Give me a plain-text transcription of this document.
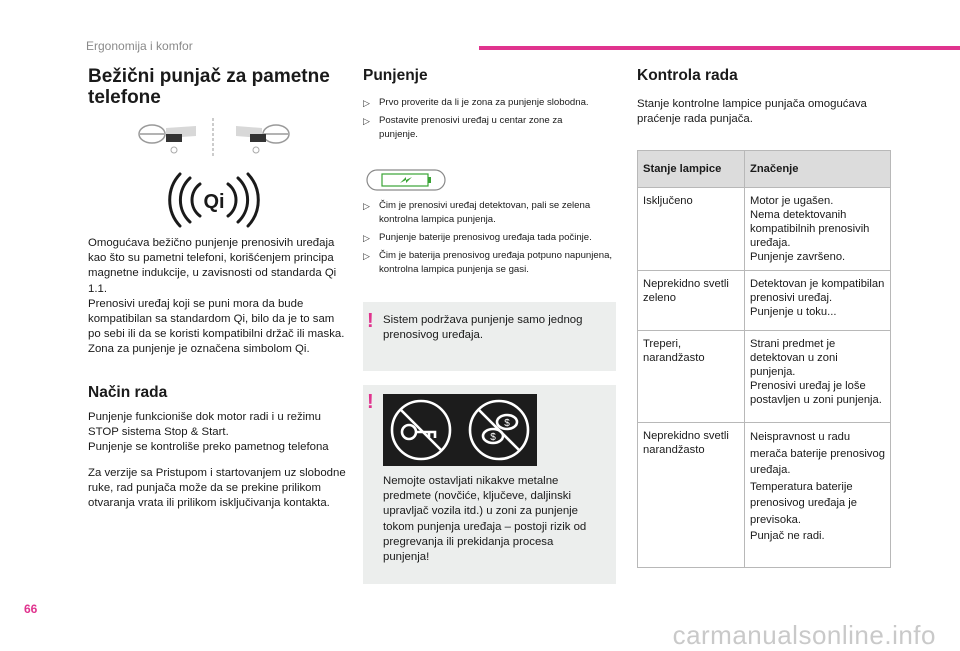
Ergonomija i komfor
Bežični punjač za pametne telefone
Qi

Omogućava bežično punjenje prenosivih uređaja kao što su pametni telefoni, korišćenjem principa magnetne indukcije, u zavisnosti od standarda Qi 1.1.

Prenosivi uređaj koji se puni mora da bude kompatibilan sa standardom Qi, bilo da je to sam po sebi ili da se koristi kompatibilni držač ili maska.

Zona za punjenje je označena simbolom Qi.

Način rada

Punjenje funkcioniše dok motor radi i u režimu STOP sistema Stop & Start.

Punjenje se kontroliše preko pametnog telefona

Za verzije sa Pristupom i startovanjem uz slobodne ruke, rad punjača može da se prekine prilikom otvaranja vrata ili prilikom isključivanja kontakta.

Punjenje
▷ Prvo proverite da li je zona za punjenje slobodna.
▷ Postavite prenosivi uređaj u centar zone za punjenje.
▷ Čim je prenosivi uređaj detektovan, pali se zelena kontrolna lampica punjenja.
▷ Punjenje baterije prenosivog uređaja tada počinje.
▷ Čim je baterija prenosivog uređaja potpuno napunjena, kontrolna lampica punjenja se gasi.
! Sistem podržava punjenje samo jednog prenosivog uređaja.
!
$
$
Nemojte ostavljati nikakve metalne predmete (novčiće, ključeve, daljinski upravljač vozila itd.) u zoni za punjenje tokom punjenja uređaja – postoji rizik od pregrevanja ili prekidanja procesa punjenja!
Kontrola rada
Stanje kontrolne lampice punjača omogućava praćenje rada punjača.
Stanje lampice	Značenje

Isključeno	Motor je ugašen.
Nema detektovanih kompatibilnih prenosivih uređaja.
Punjenje završeno.

Neprekidno svetli zeleno	Detektovan je kompatibilan prenosivi uređaj.
Punjenje u toku...

Treperi, narandžasto	Strani predmet je detektovan u zoni punjenja.
Prenosivi uređaj je loše postavljen u zoni punjenja.

Neprekidno svetli narandžasto	Neispravnost u radu merača baterije prenosivog uređaja.
Temperatura baterije prenosivog uređaja je previsoka.
Punjač ne radi.
66
carmanualsonline.info
